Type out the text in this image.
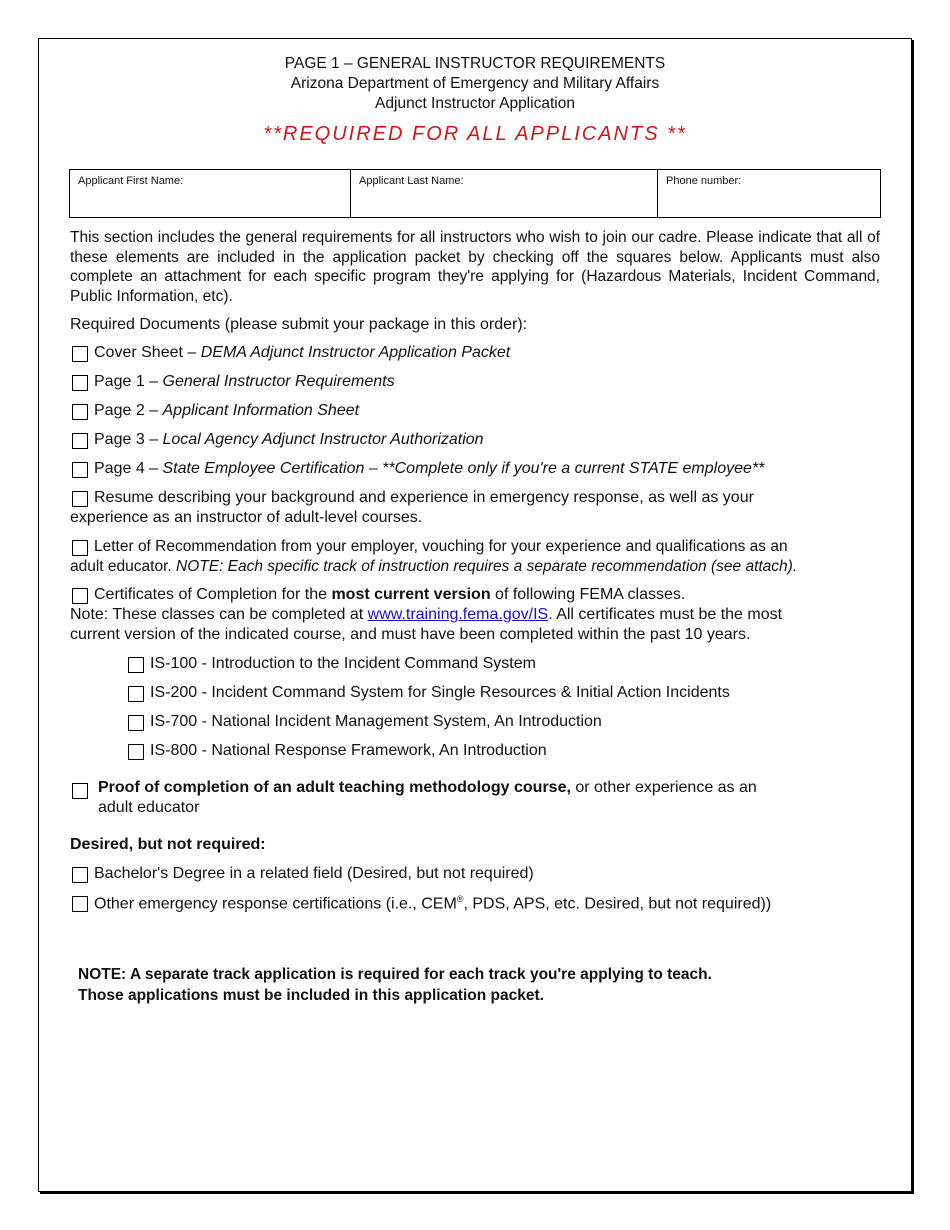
PAGE 1 – GENERAL INSTRUCTOR REQUIREMENTS
Arizona Department of Emergency and Military Affairs
Adjunct Instructor Application
**REQUIRED FOR ALL APPLICANTS **
Applicant First Name:	Applicant Last Name:	Phone number:
This section includes the general requirements for all instructors who wish to join our cadre. Please indicate that all of these elements are included in the application packet by checking off the squares below. Applicants must also complete an attachment for each specific program they're applying for (Hazardous Materials, Incident Command, Public Information, etc).
Required Documents (please submit your package in this order):
Cover Sheet – DEMA Adjunct Instructor Application Packet
Page 1 – General Instructor Requirements
Page 2 – Applicant Information Sheet
Page 3 – Local Agency Adjunct Instructor Authorization
Page 4 – State Employee Certification – **Complete only if you're a current STATE employee**
Resume describing your background and experience in emergency response, as well as your
experience as an instructor of adult-level courses.
Letter of Recommendation from your employer, vouching for your experience and qualifications as an
adult educator. NOTE: Each specific track of instruction requires a separate recommendation (see attach).
Certificates of Completion for the most current version of following FEMA classes.
Note: These classes can be completed at www.training.fema.gov/IS. All certificates must be the most
current version of the indicated course, and must have been completed within the past 10 years.
IS-100 - Introduction to the Incident Command System
IS-200 - Incident Command System for Single Resources & Initial Action Incidents
IS-700 - National Incident Management System, An Introduction
IS-800 - National Response Framework, An Introduction
Proof of completion of an adult teaching methodology course, or other experience as an
adult educator
Desired, but not required:
Bachelor's Degree in a related field (Desired, but not required)
Other emergency response certifications (i.e., CEM®, PDS, APS, etc. Desired, but not required))
NOTE: A separate track application is required for each track you're applying to teach.
Those applications must be included in this application packet.
